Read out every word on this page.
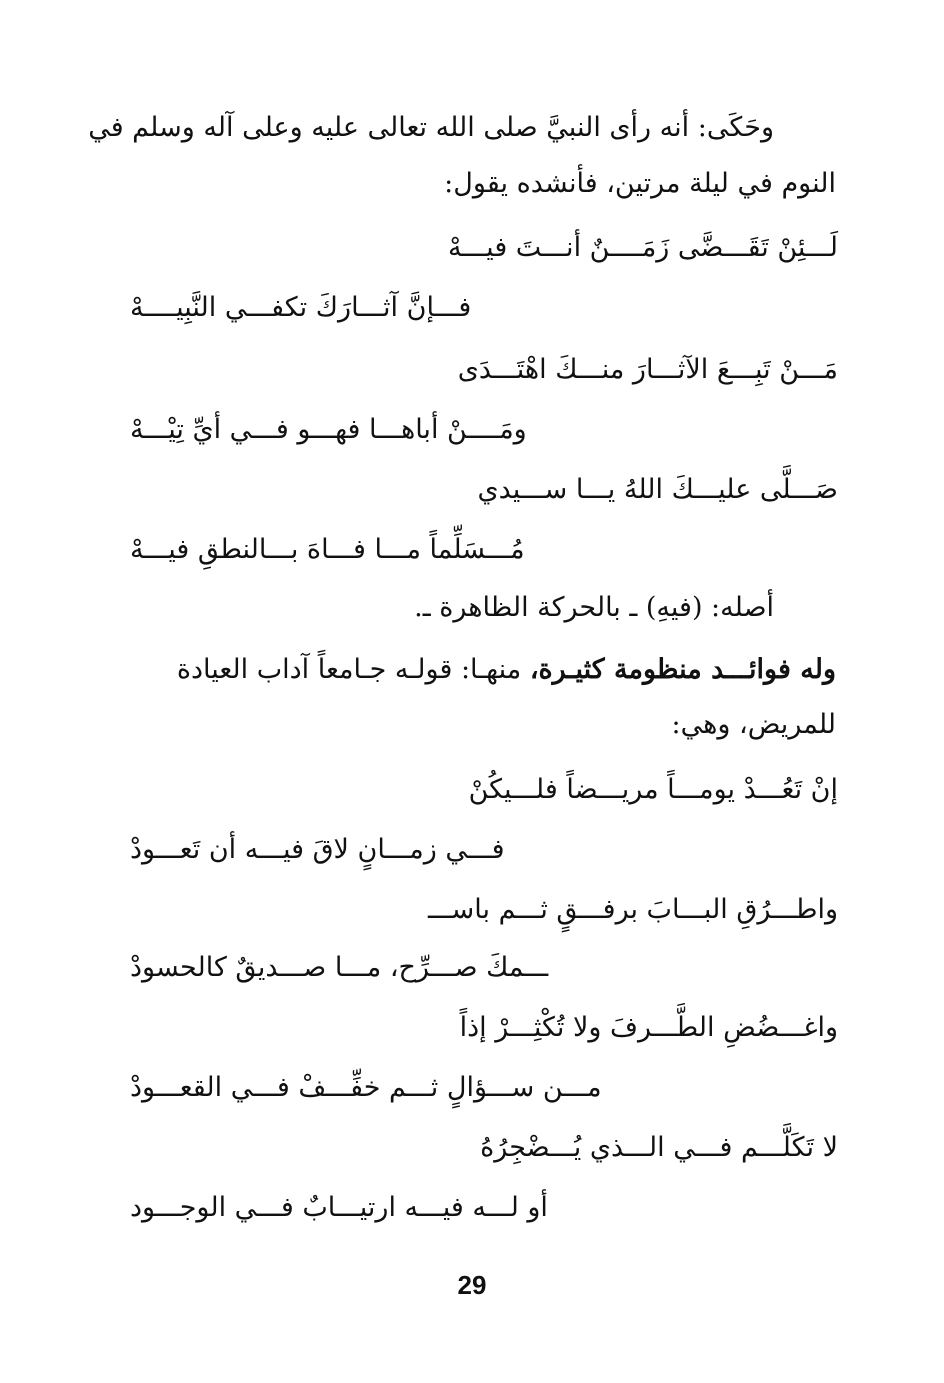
وحَكَى: أنه رأى النبيَّ صلى الله تعالى عليه وعلى آله وسلم في
النوم في ليلة مرتين، فأنشده يقول:
لَـــئِنْ تَقَـــضَّى زَمَــــنٌ أنـــتَ فيـــهْ
فـــإنَّ آثـــارَكَ تكفـــي النَّبِيــــهْ
مَـــنْ تَبِـــعَ الآثـــارَ منـــكَ اهْتَـــدَى
ومَــــنْ أباهـــا فهـــو فـــي أيِّ تِيْـــهْ
صَـــلَّى عليـــكَ اللهُ يـــا ســـيدي
مُـــسَلِّماً مـــا فـــاهَ بـــالنطقِ فيـــهْ
أصله: (فيهِ) ـ بالحركة الظاهرة ـ.
وله فوائـــد منظومة كثيـرة، منهـا: قولـه جـامعاً آداب العيادة
للمريض، وهي:
إنْ تَعُـــدْ يومـــاً مريـــضاً فلـــيكُنْ
فـــي زمـــانٍ لاقَ فيـــه أن تَعـــودْ
واطـــرُقِ البـــابَ برفـــقٍ ثـــم باســـ
ـــمكَ صـــرِّح، مـــا صـــديقٌ كالحسودْ
واغـــضُضِ الطَّـــرفَ ولا تُكْثِـــرْ إذاً
مـــن ســـؤالٍ ثـــم خفِّـــفْ فـــي القعـــودْ
لا تَكَلَّـــم فـــي الـــذي يُـــضْجِرُهُ
أو لـــه فيـــه ارتيـــابٌ فـــي الوجـــود
29
